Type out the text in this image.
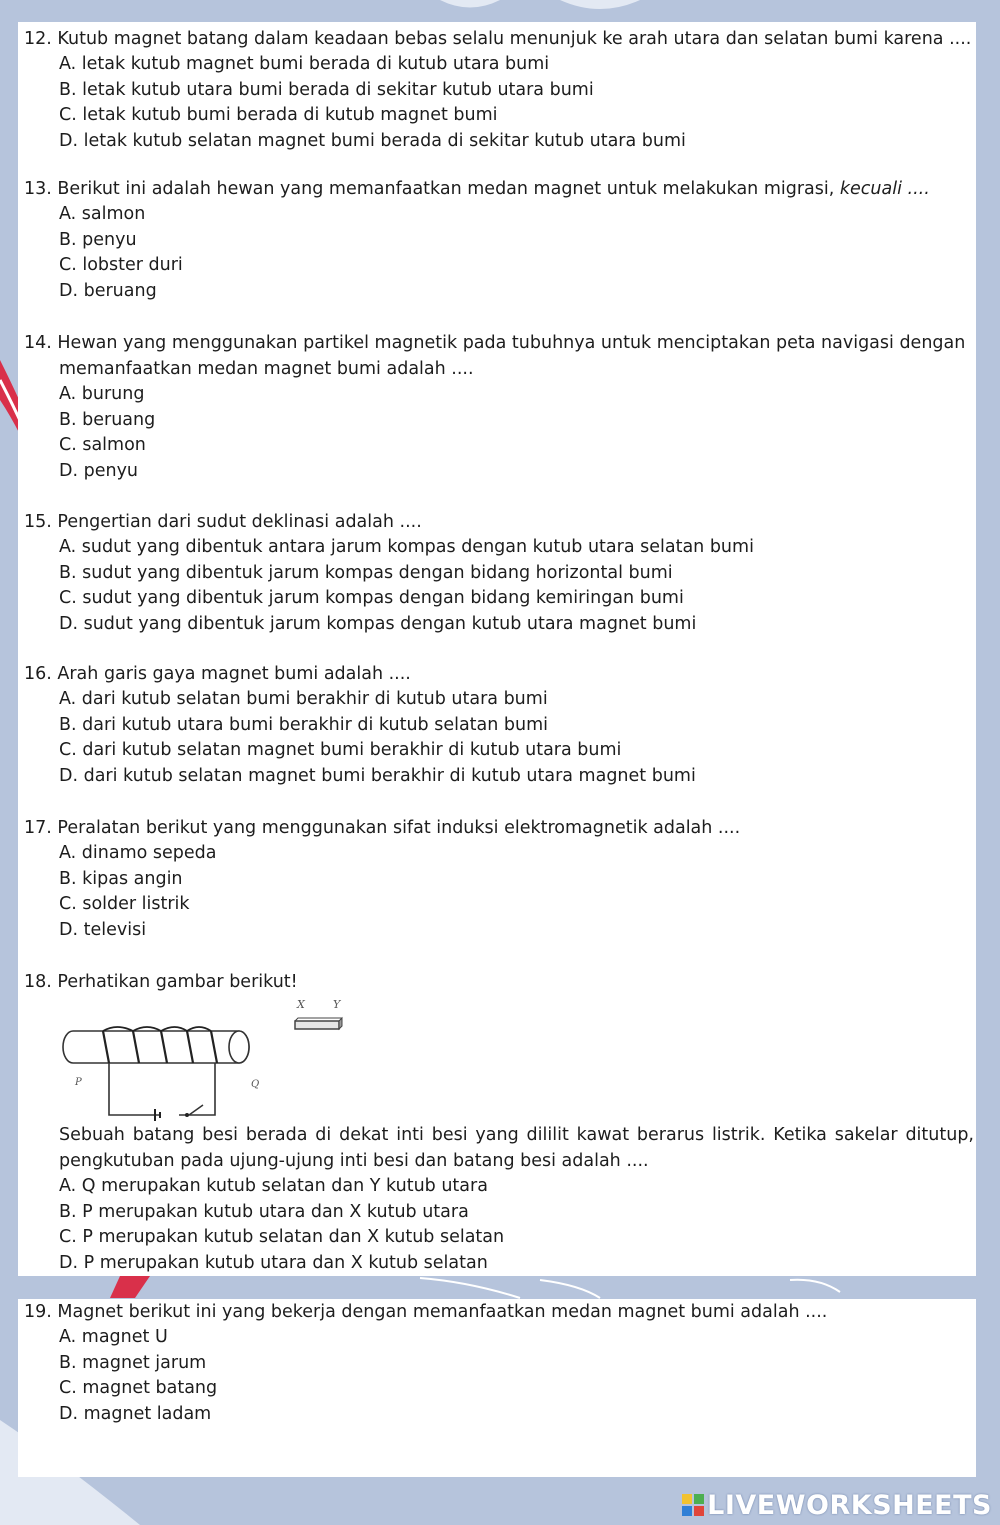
12. Kutub magnet batang dalam keadaan bebas selalu menunjuk ke arah utara dan selatan bumi karena ....
A. letak kutub magnet bumi berada di kutub utara bumi
B. letak kutub utara bumi berada di sekitar kutub utara bumi
C. letak kutub bumi berada di kutub magnet bumi
D. letak kutub selatan magnet bumi berada di sekitar kutub utara bumi
13. Berikut ini adalah hewan yang memanfaatkan medan magnet untuk melakukan migrasi, kecuali ....
A. salmon
B. penyu
C. lobster duri
D. beruang
14. Hewan yang menggunakan partikel magnetik pada tubuhnya untuk menciptakan peta navigasi dengan
memanfaatkan medan magnet bumi adalah ....
A. burung
B. beruang
C. salmon
D. penyu
15. Pengertian dari sudut deklinasi adalah ....
A. sudut yang dibentuk antara jarum kompas dengan kutub utara selatan bumi
B. sudut yang dibentuk jarum kompas dengan bidang horizontal bumi
C. sudut yang dibentuk jarum kompas dengan bidang kemiringan bumi
D. sudut yang dibentuk jarum kompas dengan kutub utara magnet bumi
16. Arah garis gaya magnet bumi adalah ....
A. dari kutub selatan bumi berakhir di kutub utara bumi
B. dari kutub utara bumi berakhir di kutub selatan bumi
C. dari kutub selatan magnet bumi berakhir di kutub utara bumi
D. dari kutub selatan magnet bumi berakhir di kutub utara magnet bumi
17. Peralatan berikut yang menggunakan sifat induksi elektromagnetik adalah ....
A. dinamo sepeda
B. kipas angin
C. solder listrik
D. televisi
18. Perhatikan gambar berikut!
X	Y
P	Q
Sebuah batang besi berada di dekat inti besi yang dililit kawat berarus listrik. Ketika sakelar ditutup, pengkutuban pada ujung-ujung inti besi dan batang besi adalah ....
A. Q merupakan kutub selatan dan Y kutub utara
B. P merupakan kutub utara dan X kutub utara
C. P merupakan kutub selatan dan X kutub selatan
D. P merupakan kutub utara dan X kutub selatan
19. Magnet berikut ini yang bekerja dengan memanfaatkan medan magnet bumi adalah ....
A. magnet U
B. magnet jarum
C. magnet batang
D. magnet ladam
LIVEWORKSHEETS
